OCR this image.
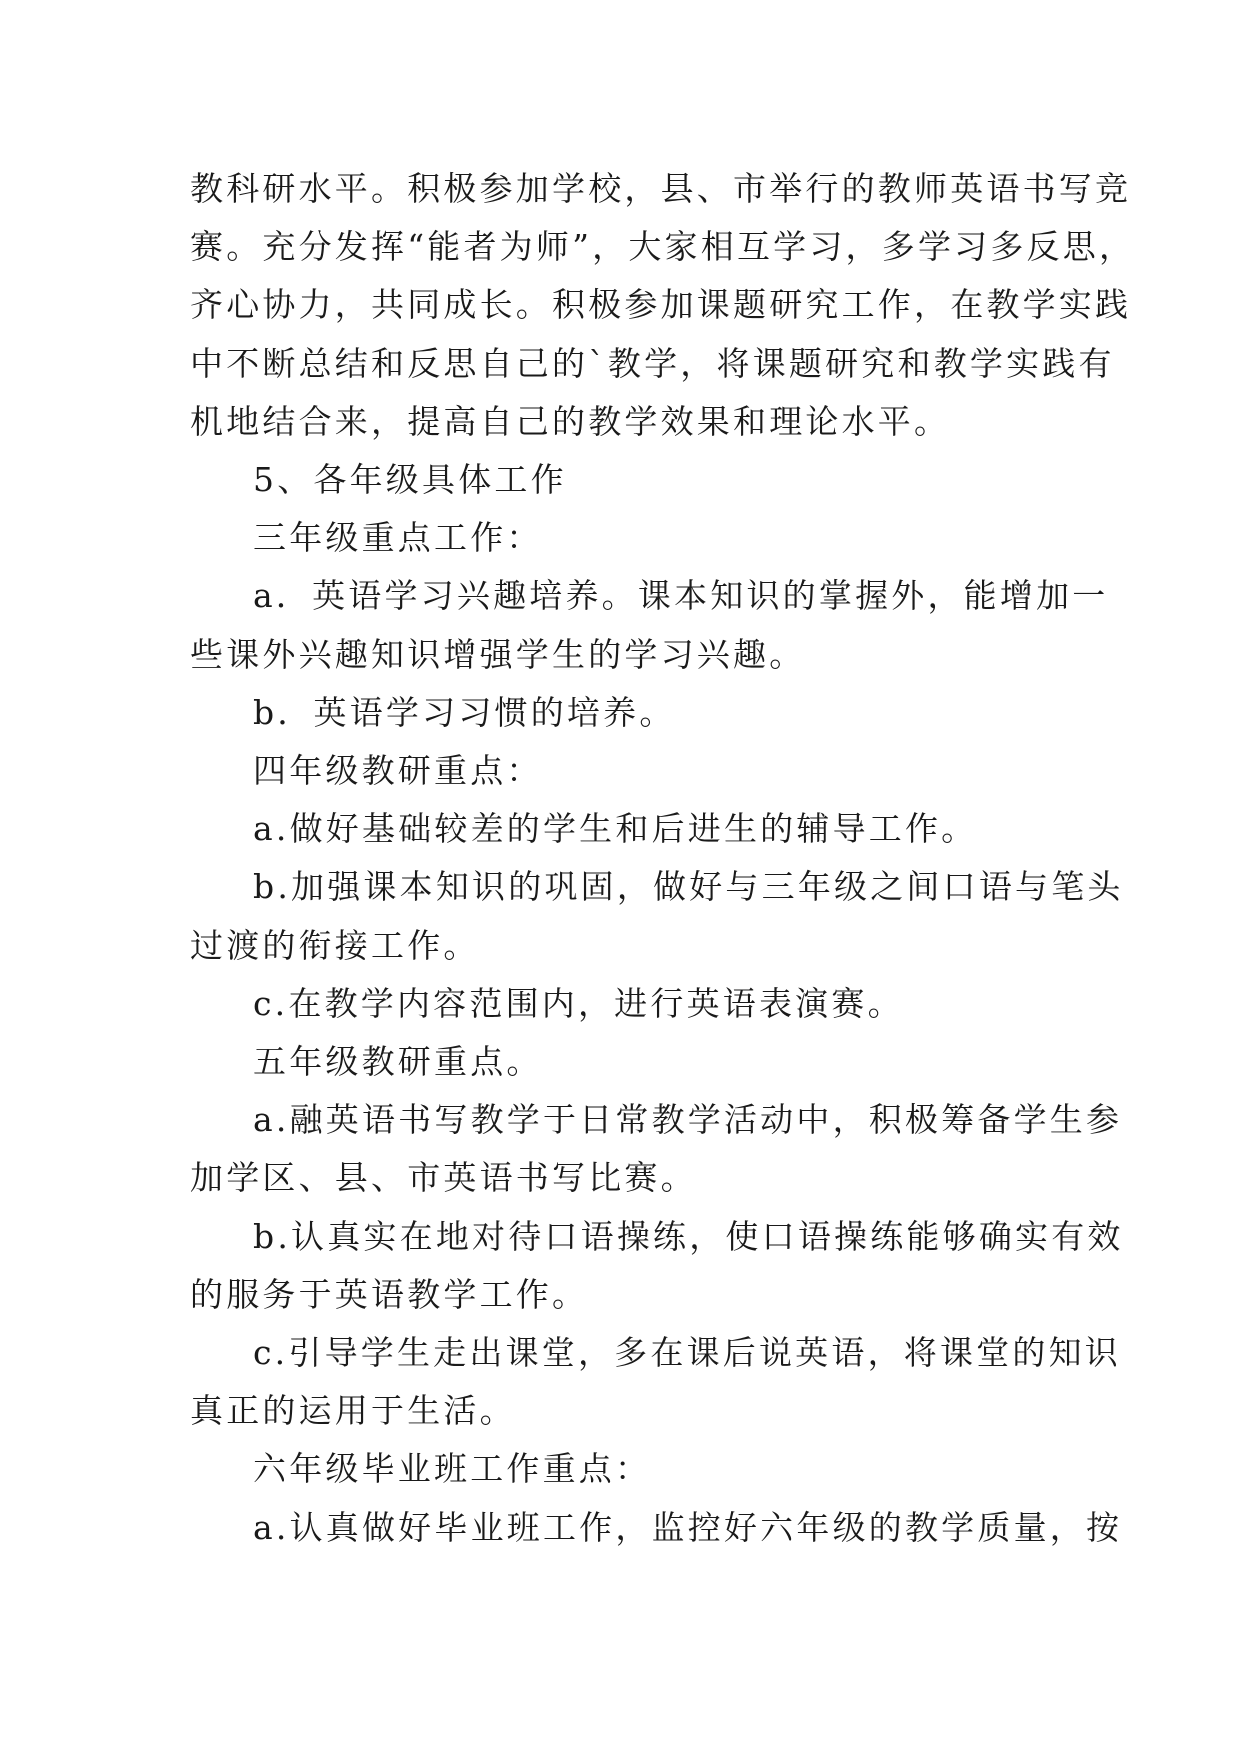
教科研水平。积极参加学校，县、市举行的教师英语书写竞

赛。充分发挥“能者为师”，大家相互学习，多学习多反思，

齐心协力，共同成长。积极参加课题研究工作，在教学实践

中不断总结和反思自己的`教学，将课题研究和教学实践有

机地结合来，提高自己的教学效果和理论水平。

5、各年级具体工作

三年级重点工作：

a．英语学习兴趣培养。课本知识的掌握外，能增加一

些课外兴趣知识增强学生的学习兴趣。

b．英语学习习惯的培养。

四年级教研重点：

a.做好基础较差的学生和后进生的辅导工作。

b.加强课本知识的巩固，做好与三年级之间口语与笔头

过渡的衔接工作。

c.在教学内容范围内，进行英语表演赛。

五年级教研重点。

a.融英语书写教学于日常教学活动中，积极筹备学生参

加学区、县、市英语书写比赛。

b.认真实在地对待口语操练，使口语操练能够确实有效

的服务于英语教学工作。

c.引导学生走出课堂，多在课后说英语，将课堂的知识

真正的运用于生活。

六年级毕业班工作重点：

a.认真做好毕业班工作，监控好六年级的教学质量，按
